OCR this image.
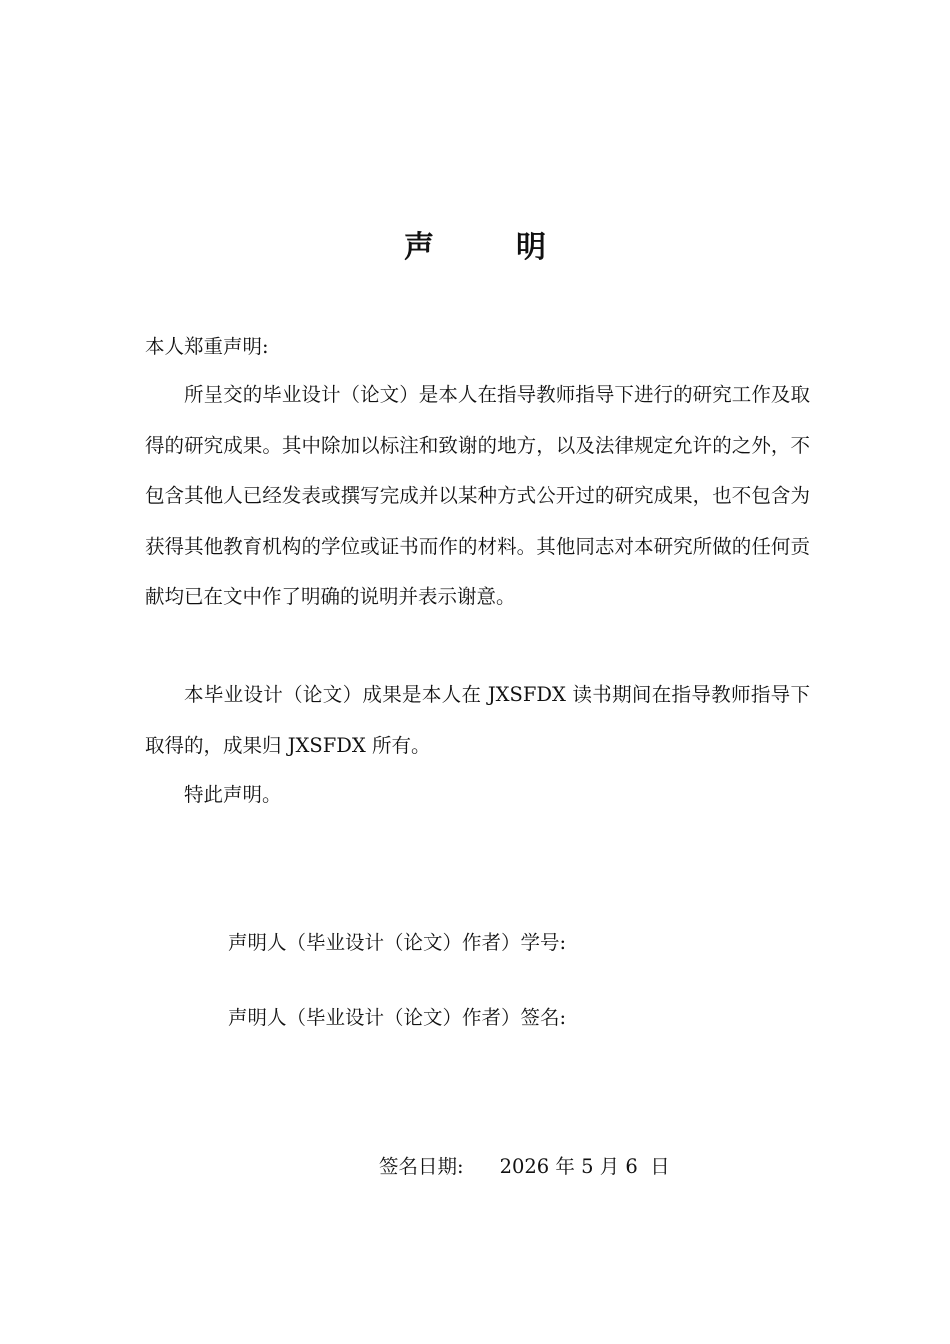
声	明
本人郑重声明:
所呈交的毕业设计（论文）是本人在指导教师指导下进行的研究工作及取得的研究成果。其中除加以标注和致谢的地方，以及法律规定允许的之外，不包含其他人已经发表或撰写完成并以某种方式公开过的研究成果，也不包含为获得其他教育机构的学位或证书而作的材料。其他同志对本研究所做的任何贡献均已在文中作了明确的说明并表示谢意。
本毕业设计（论文）成果是本人在 JXSFDX 读书期间在指导教师指导下取得的，成果归 JXSFDX 所有。
特此声明。
声明人（毕业设计（论文）作者）学号:
声明人（毕业设计（论文）作者）签名:
签名日期: 2026 年 5 月 6  日
